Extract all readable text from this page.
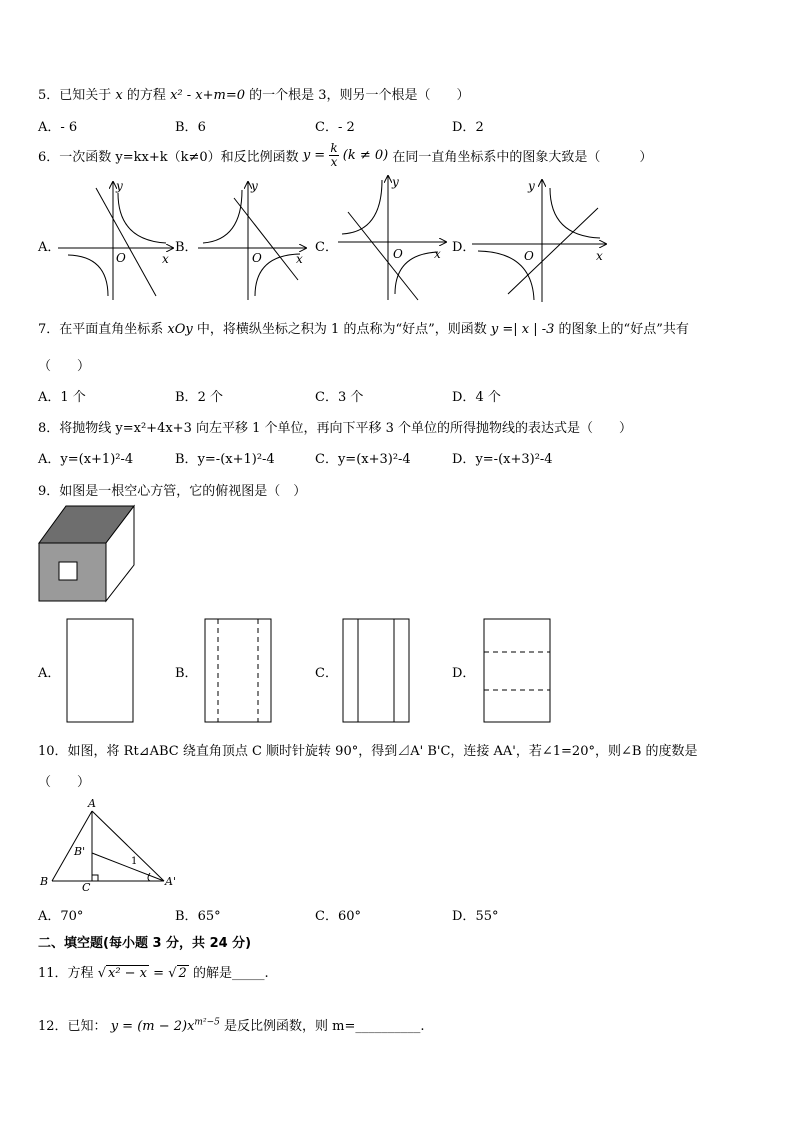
5．已知关于 x 的方程 x² - x+m=0 的一个根是 3，则另一个根是（　　）
A．- 6	B．6	C．- 2	D．2
6．一次函数 y=kx+k（k≠0）和反比例函数 $y = \frac{k}{x} (k \ne 0)$ 在同一直角坐标系中的图象大致是（　　　）
A．	B．	C．	D．
y
x
O
y
x
O
y
x
O
y
x
O
7．在平面直角坐标系 xOy 中，将横纵坐标之积为 1 的点称为“好点”，则函数 y =| x | -3 的图象上的“好点”共有
（　　）
A．1 个	B．2 个	C．3 个	D．4 个
8．将抛物线 y=x²+4x+3 向左平移 1 个单位，再向下平移 3 个单位的所得抛物线的表达式是（　　）
A．y=(x+1)²-4	B．y=-(x+1)²-4	C．y=(x+3)²-4	D．y=-(x+3)²-4
9．如图是一根空心方管，它的俯视图是（　）
A．	B．	C．	D．
10．如图，将 Rt⊿ABC 绕直角顶点 C 顺时针旋转 90°，得到⊿A' B'C，连接 AA'，若∠1=20°，则∠B 的度数是
（　　）
A
B	C
B'
A'
1
A．70°	B．65°	C．60°	D．55°
二、填空题(每小题 3 分，共 24 分)
11．方程 √ x² − x = √ 2 的解是_____.
12．已知： $y = (m - 2)x^{m^2-5}$ 是反比例函数，则 m=__________.
